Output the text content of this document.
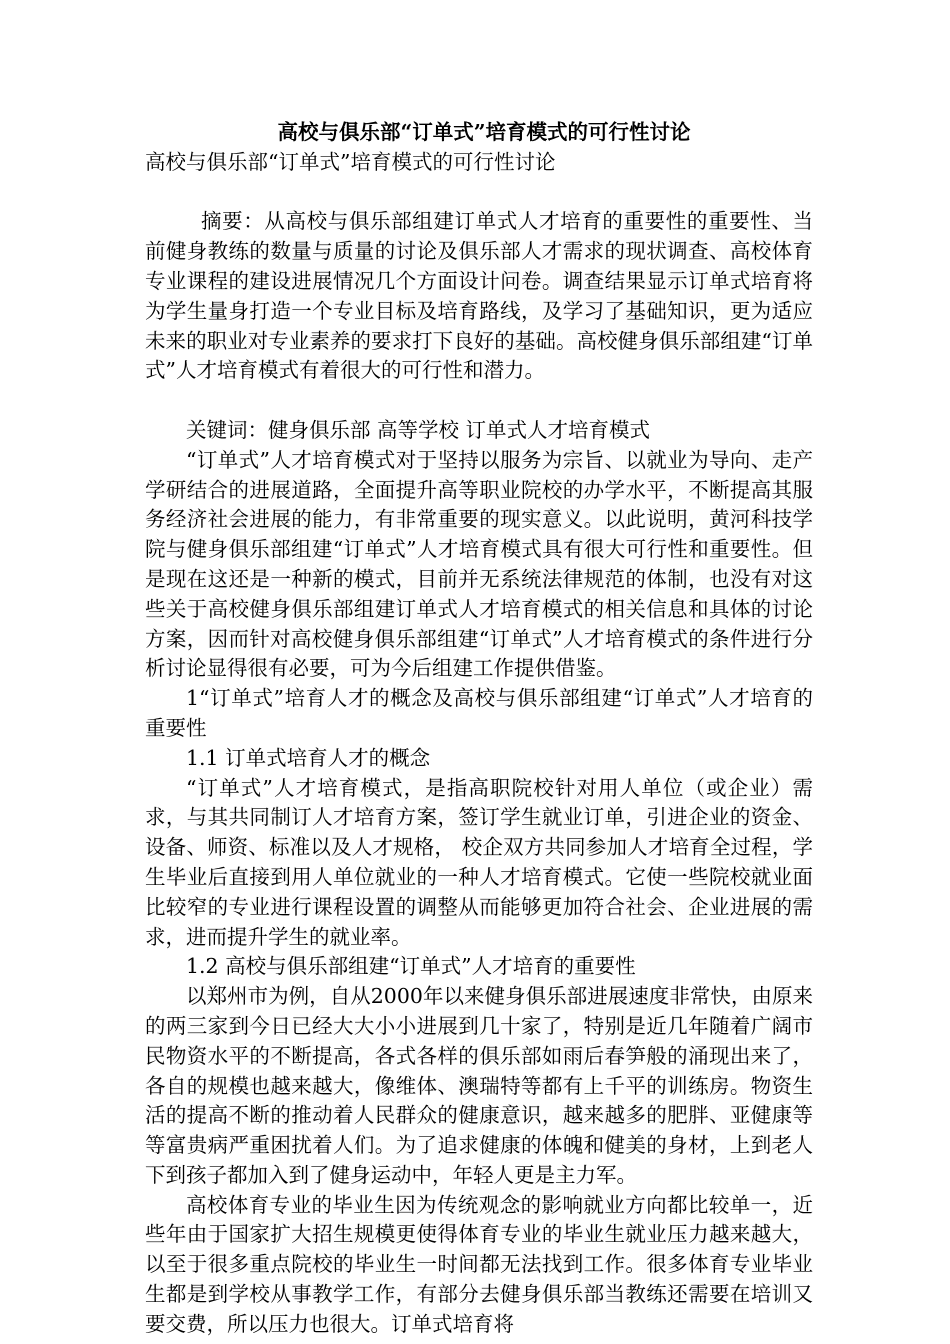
高校与俱乐部“订单式”培育模式的可行性讨论

高校与俱乐部“订单式”培育模式的可行性讨论

摘要：从高校与俱乐部组建订单式人才培育的重要性的重要性、当前健身教练的数量与质量的讨论及俱乐部人才需求的现状调查、高校体育专业课程的建设进展情况几个方面设计问卷。调查结果显示订单式培育将为学生量身打造一个专业目标及培育路线，及学习了基础知识，更为适应未来的职业对专业素养的要求打下良好的基础。高校健身俱乐部组建“订单式”人才培育模式有着很大的可行性和潜力。

关键词：健身俱乐部 高等学校 订单式人才培育模式

“订单式”人才培育模式对于坚持以服务为宗旨、以就业为导向、走产学研结合的进展道路，全面提升高等职业院校的办学水平，不断提高其服务经济社会进展的能力，有非常重要的现实意义。以此说明，黄河科技学院与健身俱乐部组建“订单式”人才培育模式具有很大可行性和重要性。但是现在这还是一种新的模式，目前并无系统法律规范的体制，也没有对这些关于高校健身俱乐部组建订单式人才培育模式的相关信息和具体的讨论方案，因而针对高校健身俱乐部组建“订单式”人才培育模式的条件进行分析讨论显得很有必要，可为今后组建工作提供借鉴。

1“订单式”培育人才的概念及高校与俱乐部组建“订单式”人才培育的重要性

1.1 订单式培育人才的概念

“订单式”人才培育模式，是指高职院校针对用人单位（或企业）需求，与其共同制订人才培育方案，签订学生就业订单，引进企业的资金、设备、师资、标准以及人才规格， 校企双方共同参加人才培育全过程，学生毕业后直接到用人单位就业的一种人才培育模式。它使一些院校就业面比较窄的专业进行课程设置的调整从而能够更加符合社会、企业进展的需求，进而提升学生的就业率。

1.2 高校与俱乐部组建“订单式”人才培育的重要性

以郑州市为例，自从2000年以来健身俱乐部进展速度非常快，由原来的两三家到今日已经大大小小进展到几十家了，特别是近几年随着广阔市民物资水平的不断提高，各式各样的俱乐部如雨后春笋般的涌现出来了，各自的规模也越来越大，像维体、澳瑞特等都有上千平的训练房。物资生活的提高不断的推动着人民群众的健康意识，越来越多的肥胖、亚健康等等富贵病严重困扰着人们。为了追求健康的体魄和健美的身材，上到老人下到孩子都加入到了健身运动中，年轻人更是主力军。

高校体育专业的毕业生因为传统观念的影响就业方向都比较单一，近些年由于国家扩大招生规模更使得体育专业的毕业生就业压力越来越大，以至于很多重点院校的毕业生一时间都无法找到工作。很多体育专业毕业生都是到学校从事教学工作，有部分去健身俱乐部当教练还需要在培训又要交费，所以压力也很大。订单式培育将
